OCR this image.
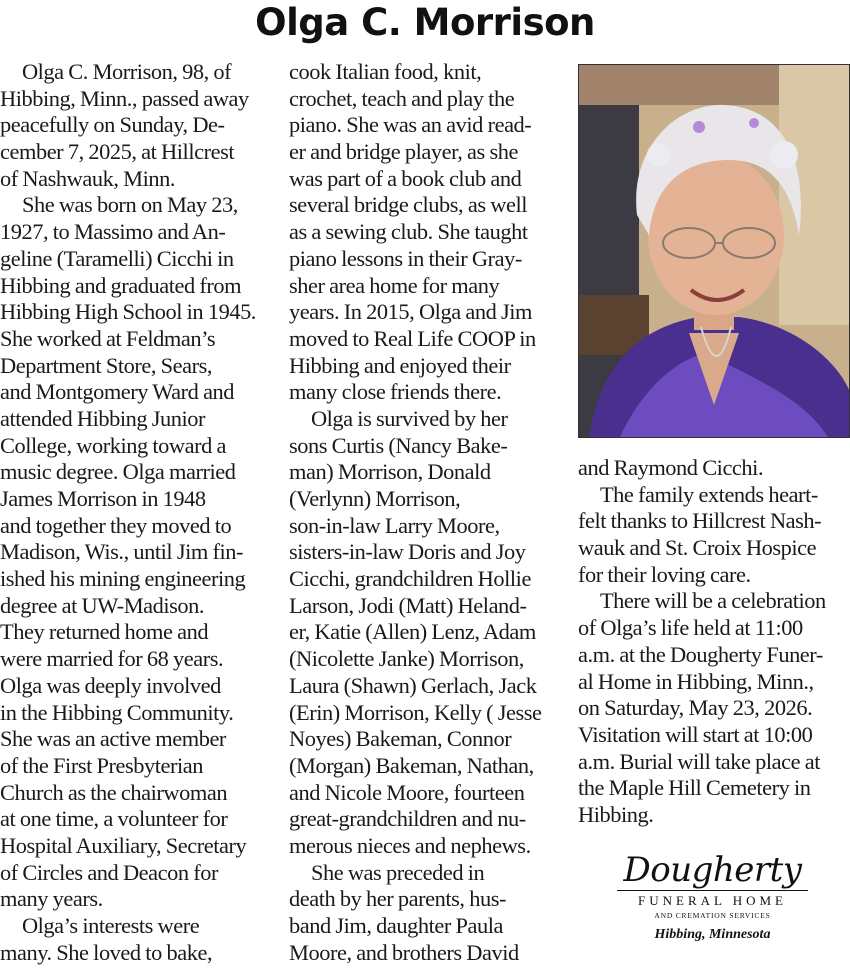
Olga C. Morrison
 Olga C. Morrison, 98, of
Hibbing, Minn., passed away
peacefully on Sunday, De-
cember 7, 2025, at Hillcrest
of Nashwauk, Minn.
 She was born on May 23,
1927, to Massimo and An-
geline (Taramelli) Cicchi in
Hibbing and graduated from
Hibbing High School in 1945.
She worked at Feldman’s
Department Store, Sears,
and Montgomery Ward and
attended Hibbing Junior
College, working toward a
music degree. Olga married
James Morrison in 1948
and together they moved to
Madison, Wis., until Jim fin-
ished his mining engineering
degree at UW-Madison.
They returned home and
were married for 68 years.
Olga was deeply involved
in the Hibbing Community.
She was an active member
of the First Presbyterian
Church as the chairwoman
at one time, a volunteer for
Hospital Auxiliary, Secretary
of Circles and Deacon for
many years.
 Olga’s interests were
many. She loved to bake,
cook Italian food, knit,
crochet, teach and play the
piano. She was an avid read-
er and bridge player, as she
was part of a book club and
several bridge clubs, as well
as a sewing club. She taught
piano lessons in their Gray-
sher area home for many
years. In 2015, Olga and Jim
moved to Real Life COOP in
Hibbing and enjoyed their
many close friends there.
 Olga is survived by her
sons Curtis (Nancy Bake-
man) Morrison, Donald
(Verlynn) Morrison,
son-in-law Larry Moore,
sisters-in-law Doris and Joy
Cicchi, grandchildren Hollie
Larson, Jodi (Matt) Heland-
er, Katie (Allen) Lenz, Adam
(Nicolette Janke) Morrison,
Laura (Shawn) Gerlach, Jack
(Erin) Morrison, Kelly ( Jesse
Noyes) Bakeman, Connor
(Morgan) Bakeman, Nathan,
and Nicole Moore, fourteen
great-grandchildren and nu-
merous nieces and nephews.
 She was preceded in
death by her parents, hus-
band Jim, daughter Paula
Moore, and brothers David
and Raymond Cicchi.
 The family extends heart-
felt thanks to Hillcrest Nash-
wauk and St. Croix Hospice
for their loving care.
 There will be a celebration
of Olga’s life held at 11:00
a.m. at the Dougherty Funer-
al Home in Hibbing, Minn.,
on Saturday, May 23, 2026.
Visitation will start at 10:00
a.m. Burial will take place at
the Maple Hill Cemetery in
Hibbing.
Dougherty
FUNERAL HOME
AND CREMATION SERVICES
Hibbing, Minnesota
